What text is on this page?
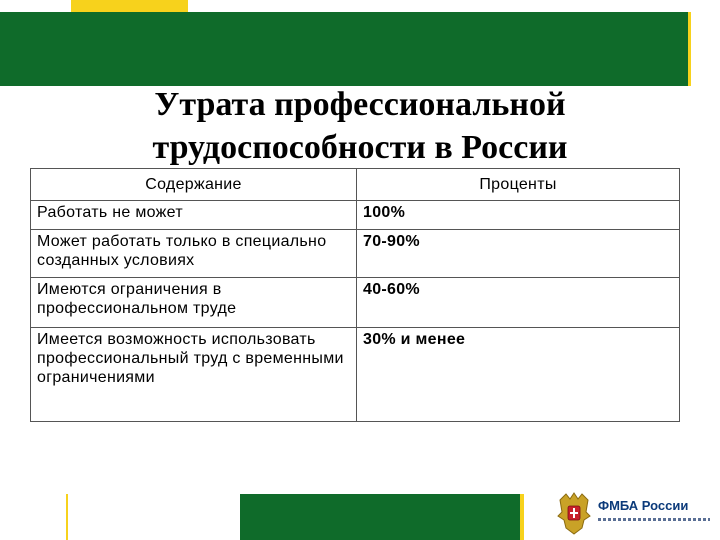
Утрата профессиональной
трудоспособности в России
Содержание	Проценты
Работать не может	100%
Может работать только в специально созданных условиях	70-90%
Имеются ограничения в профессиональном труде	40-60%
Имеется возможность использовать профессиональный труд с временными ограничениями	30% и менее
ФМБА России
